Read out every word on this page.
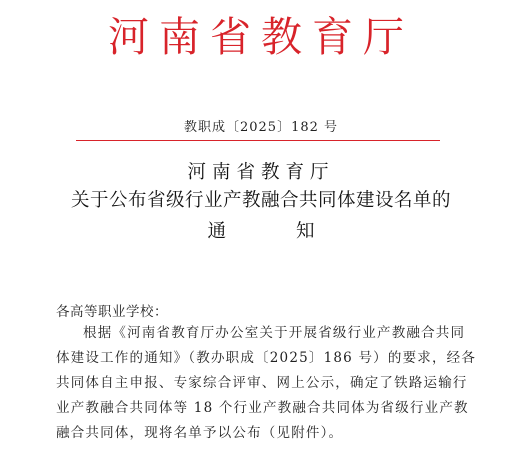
河南省教育厅
教职成〔2025〕182 号
河南省教育厅
关于公布省级行业产教融合共同体建设名单的
通	知
各高等职业学校：
根据《河南省教育厅办公室关于开展省级行业产教融合共同
体建设工作的通知》（教办职成〔2025〕186 号）的要求，经各
共同体自主申报、专家综合评审、网上公示，确定了铁路运输行
业产教融合共同体等 18 个行业产教融合共同体为省级行业产教
融合共同体，现将名单予以公布（见附件）。
